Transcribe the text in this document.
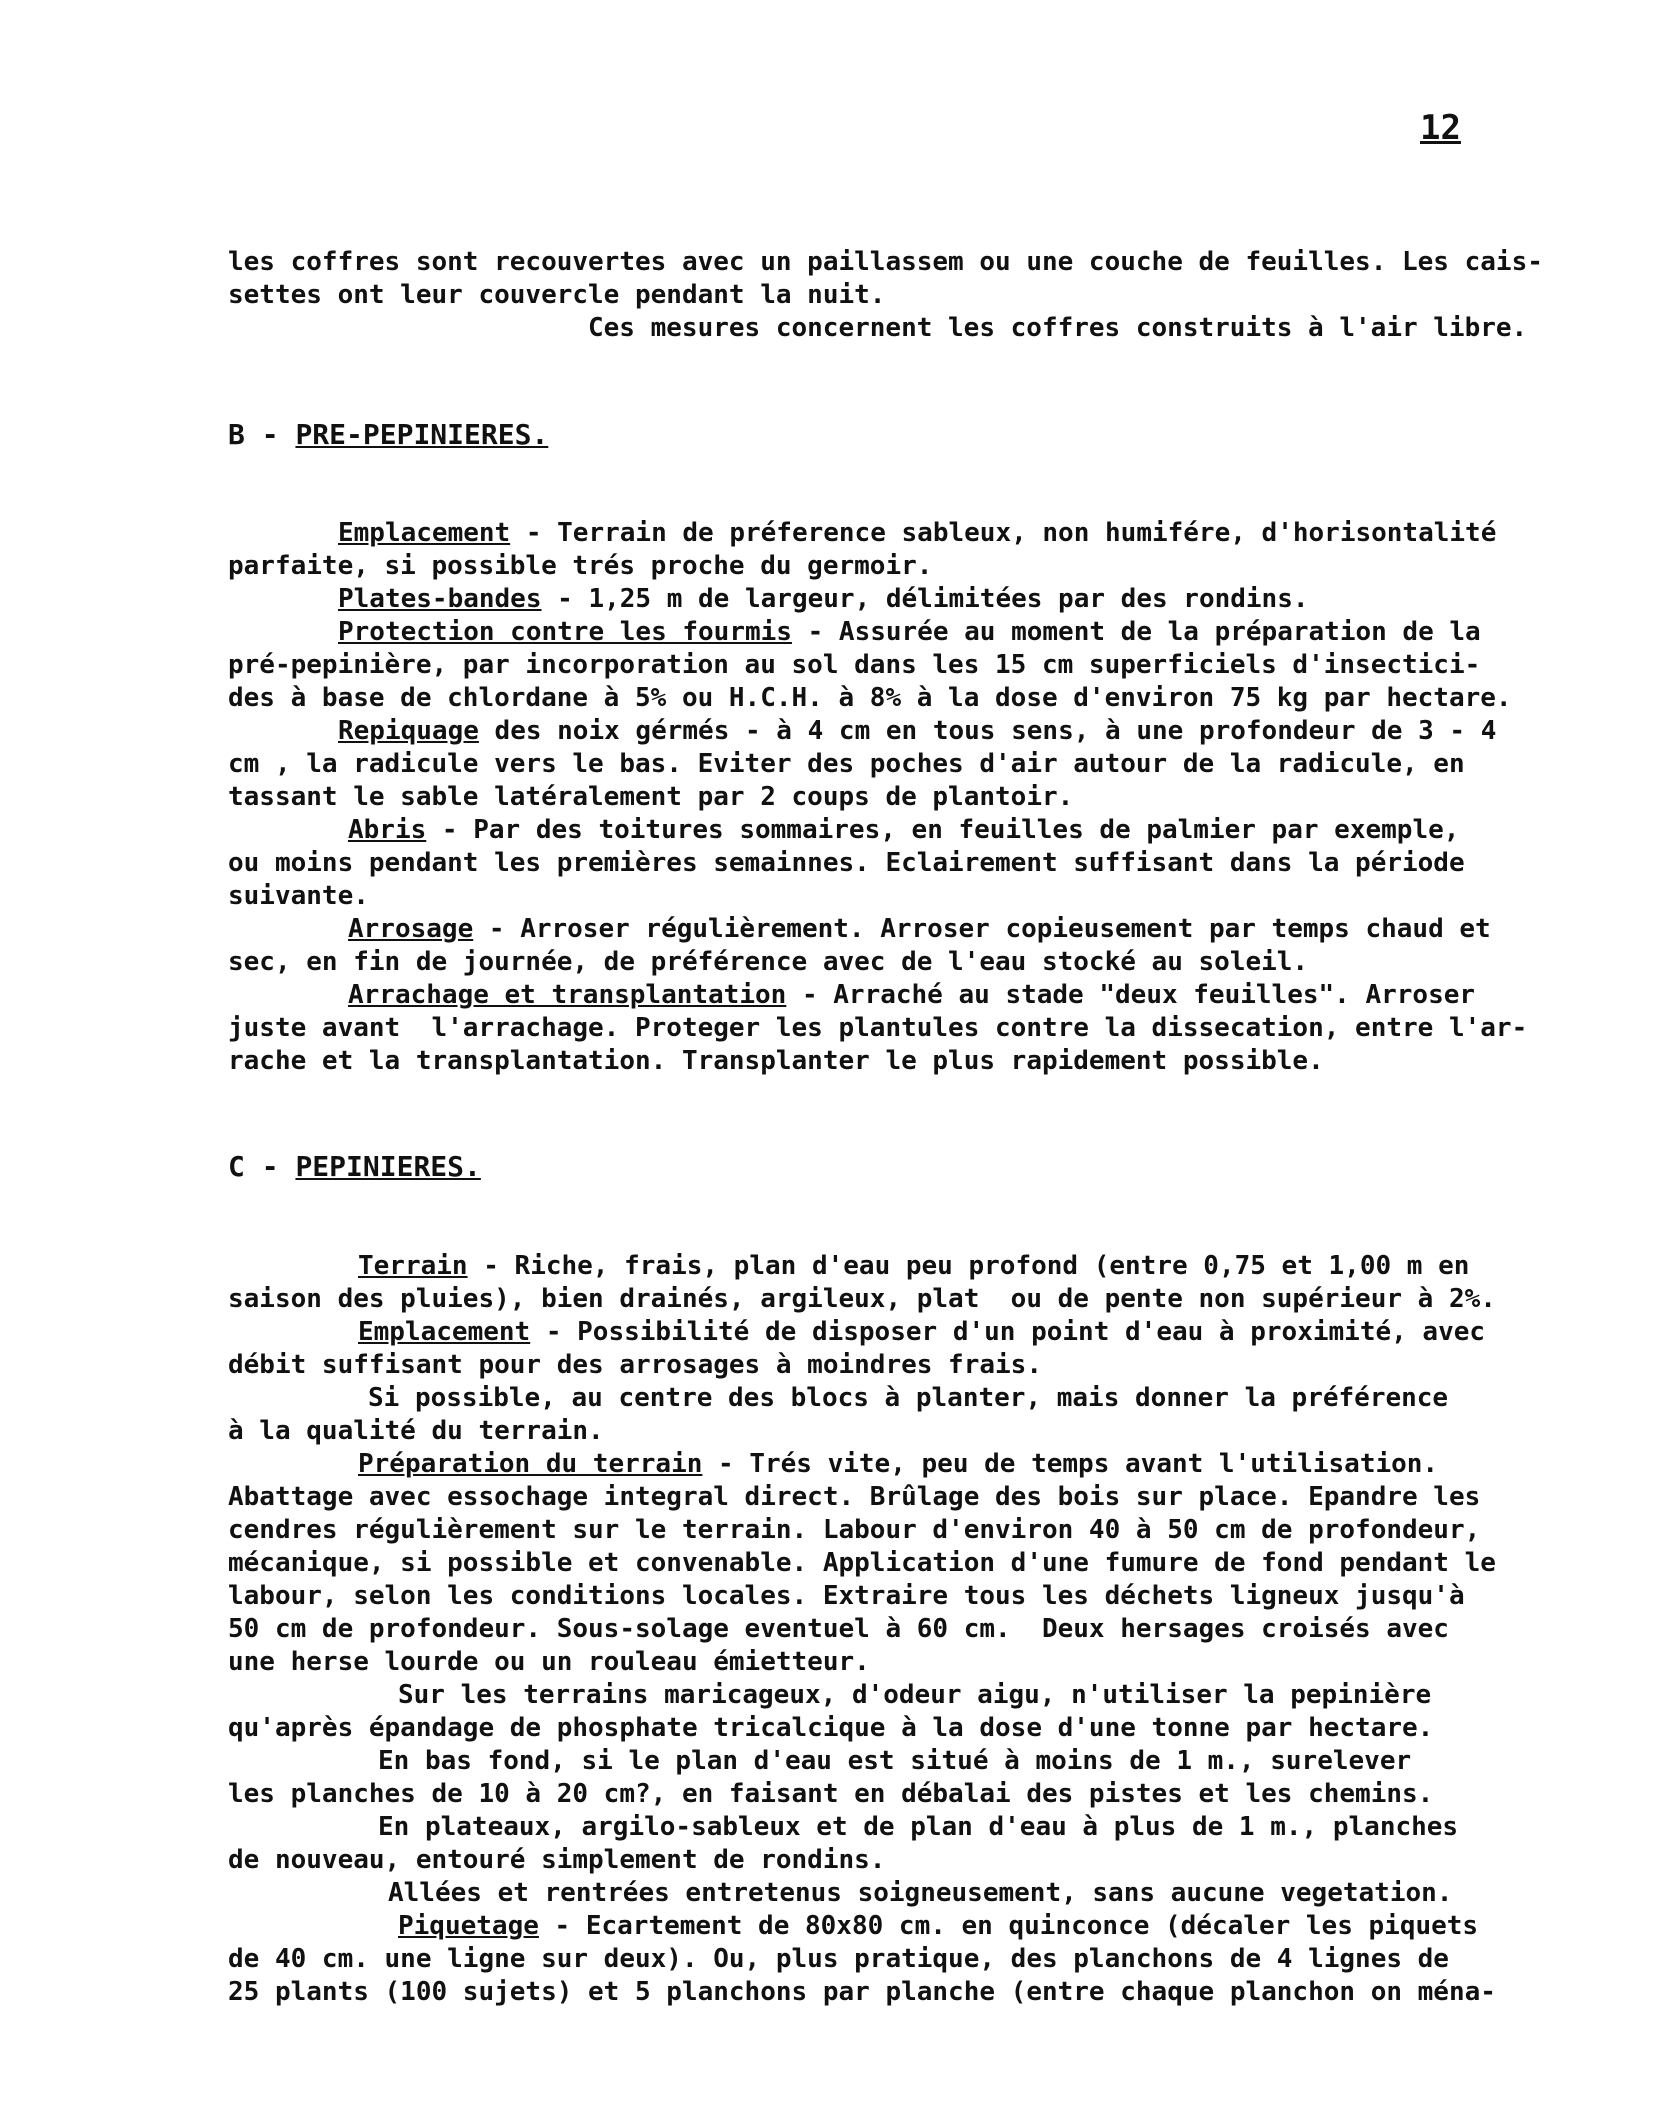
12
les coffres sont recouvertes avec un paillassem ou une couche de feuilles. Les cais-
settes ont leur couvercle pendant la nuit.
Ces mesures concernent les coffres construits à l'air libre.
B - PRE-PEPINIERES.
Emplacement - Terrain de préference sableux, non humifére, d'horisontalité
parfaite, si possible trés proche du germoir.
Plates-bandes - 1,25 m de largeur, délimitées par des rondins.
Protection contre les fourmis - Assurée au moment de la préparation de la
pré-pepinière, par incorporation au sol dans les 15 cm superficiels d'insectici-
des à base de chlordane à 5% ou H.C.H. à 8% à la dose d'environ 75 kg par hectare.
Repiquage des noix gérmés - à 4 cm en tous sens, à une profondeur de 3 - 4
cm , la radicule vers le bas. Eviter des poches d'air autour de la radicule, en
tassant le sable latéralement par 2 coups de plantoir.
Abris - Par des toitures sommaires, en feuilles de palmier par exemple,
ou moins pendant les premières semainnes. Eclairement suffisant dans la période
suivante.
Arrosage - Arroser régulièrement. Arroser copieusement par temps chaud et
sec, en fin de journée, de préférence avec de l'eau stocké au soleil.
Arrachage et transplantation - Arraché au stade "deux feuilles". Arroser
juste avant  l'arrachage. Proteger les plantules contre la dissecation, entre l'ar-
rache et la transplantation. Transplanter le plus rapidement possible.
C - PEPINIERES.
Terrain - Riche, frais, plan d'eau peu profond (entre 0,75 et 1,00 m en
saison des pluies), bien drainés, argileux, plat  ou de pente non supérieur à 2%.
Emplacement - Possibilité de disposer d'un point d'eau à proximité, avec
débit suffisant pour des arrosages à moindres frais.
Si possible, au centre des blocs à planter, mais donner la préférence
à la qualité du terrain.
Préparation du terrain - Trés vite, peu de temps avant l'utilisation.
Abattage avec essochage integral direct. Brûlage des bois sur place. Epandre les
cendres régulièrement sur le terrain. Labour d'environ 40 à 50 cm de profondeur,
mécanique, si possible et convenable. Application d'une fumure de fond pendant le
labour, selon les conditions locales. Extraire tous les déchets ligneux jusqu'à
50 cm de profondeur. Sous-solage eventuel à 60 cm.  Deux hersages croisés avec
une herse lourde ou un rouleau émietteur.
Sur les terrains maricageux, d'odeur aigu, n'utiliser la pepinière
qu'après épandage de phosphate tricalcique à la dose d'une tonne par hectare.
En bas fond, si le plan d'eau est situé à moins de 1 m., surelever
les planches de 10 à 20 cm?, en faisant en débalai des pistes et les chemins.
En plateaux, argilo-sableux et de plan d'eau à plus de 1 m., planches
de nouveau, entouré simplement de rondins.
Allées et rentrées entretenus soigneusement, sans aucune vegetation.
Piquetage - Ecartement de 80x80 cm. en quinconce (décaler les piquets
de 40 cm. une ligne sur deux). Ou, plus pratique, des planchons de 4 lignes de
25 plants (100 sujets) et 5 planchons par planche (entre chaque planchon on ména-
